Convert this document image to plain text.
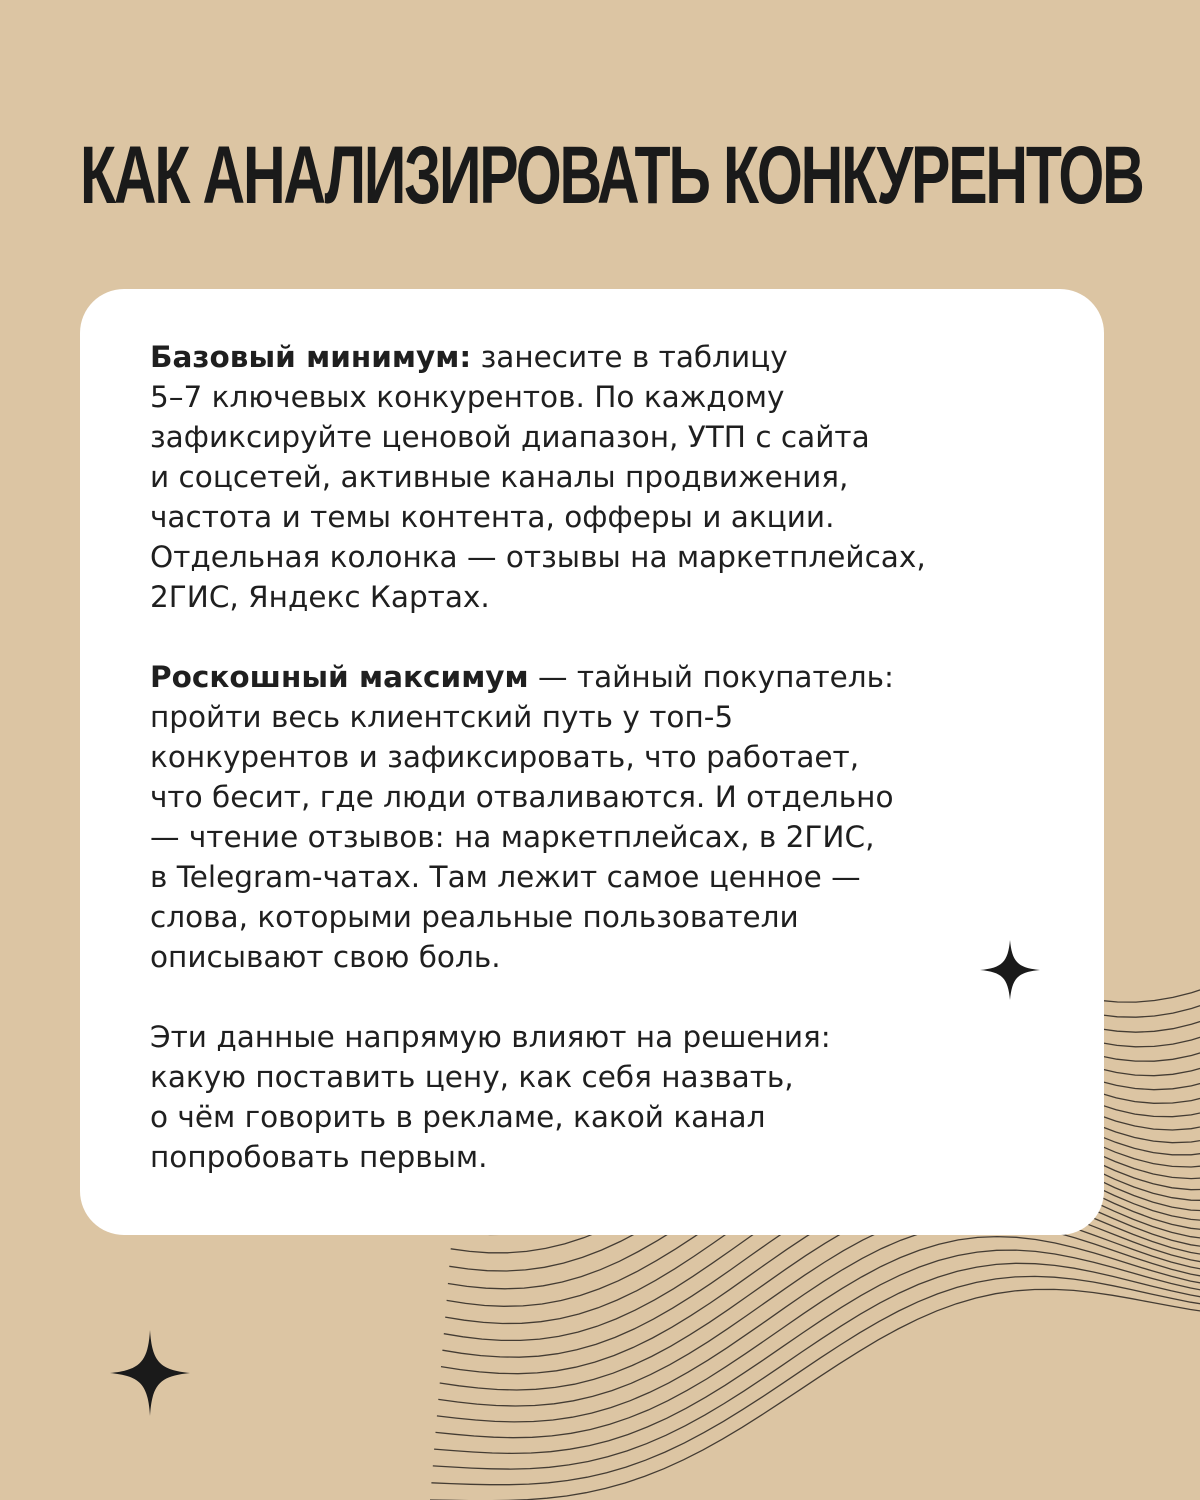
КАК АНАЛИЗИРОВАТЬ КОНКУРЕНТОВ

Базовый минимум: занесите в таблицу
5–7 ключевых конкурентов. По каждому
зафиксируйте ценовой диапазон, УТП с сайта
и соцсетей, активные каналы продвижения,
частота и темы контента, офферы и акции.
Отдельная колонка — отзывы на маркетплейсах,
2ГИС, Яндекс Картах.

Роскошный максимум — тайный покупатель:
пройти весь клиентский путь у топ-5
конкурентов и зафиксировать, что работает,
что бесит, где люди отваливаются. И отдельно
— чтение отзывов: на маркетплейсах, в 2ГИС,
в Telegram-чатах. Там лежит самое ценное —
слова, которыми реальные пользователи
описывают свою боль.

Эти данные напрямую влияют на решения:
какую поставить цену, как себя назвать,
о чём говорить в рекламе, какой канал
попробовать первым.
